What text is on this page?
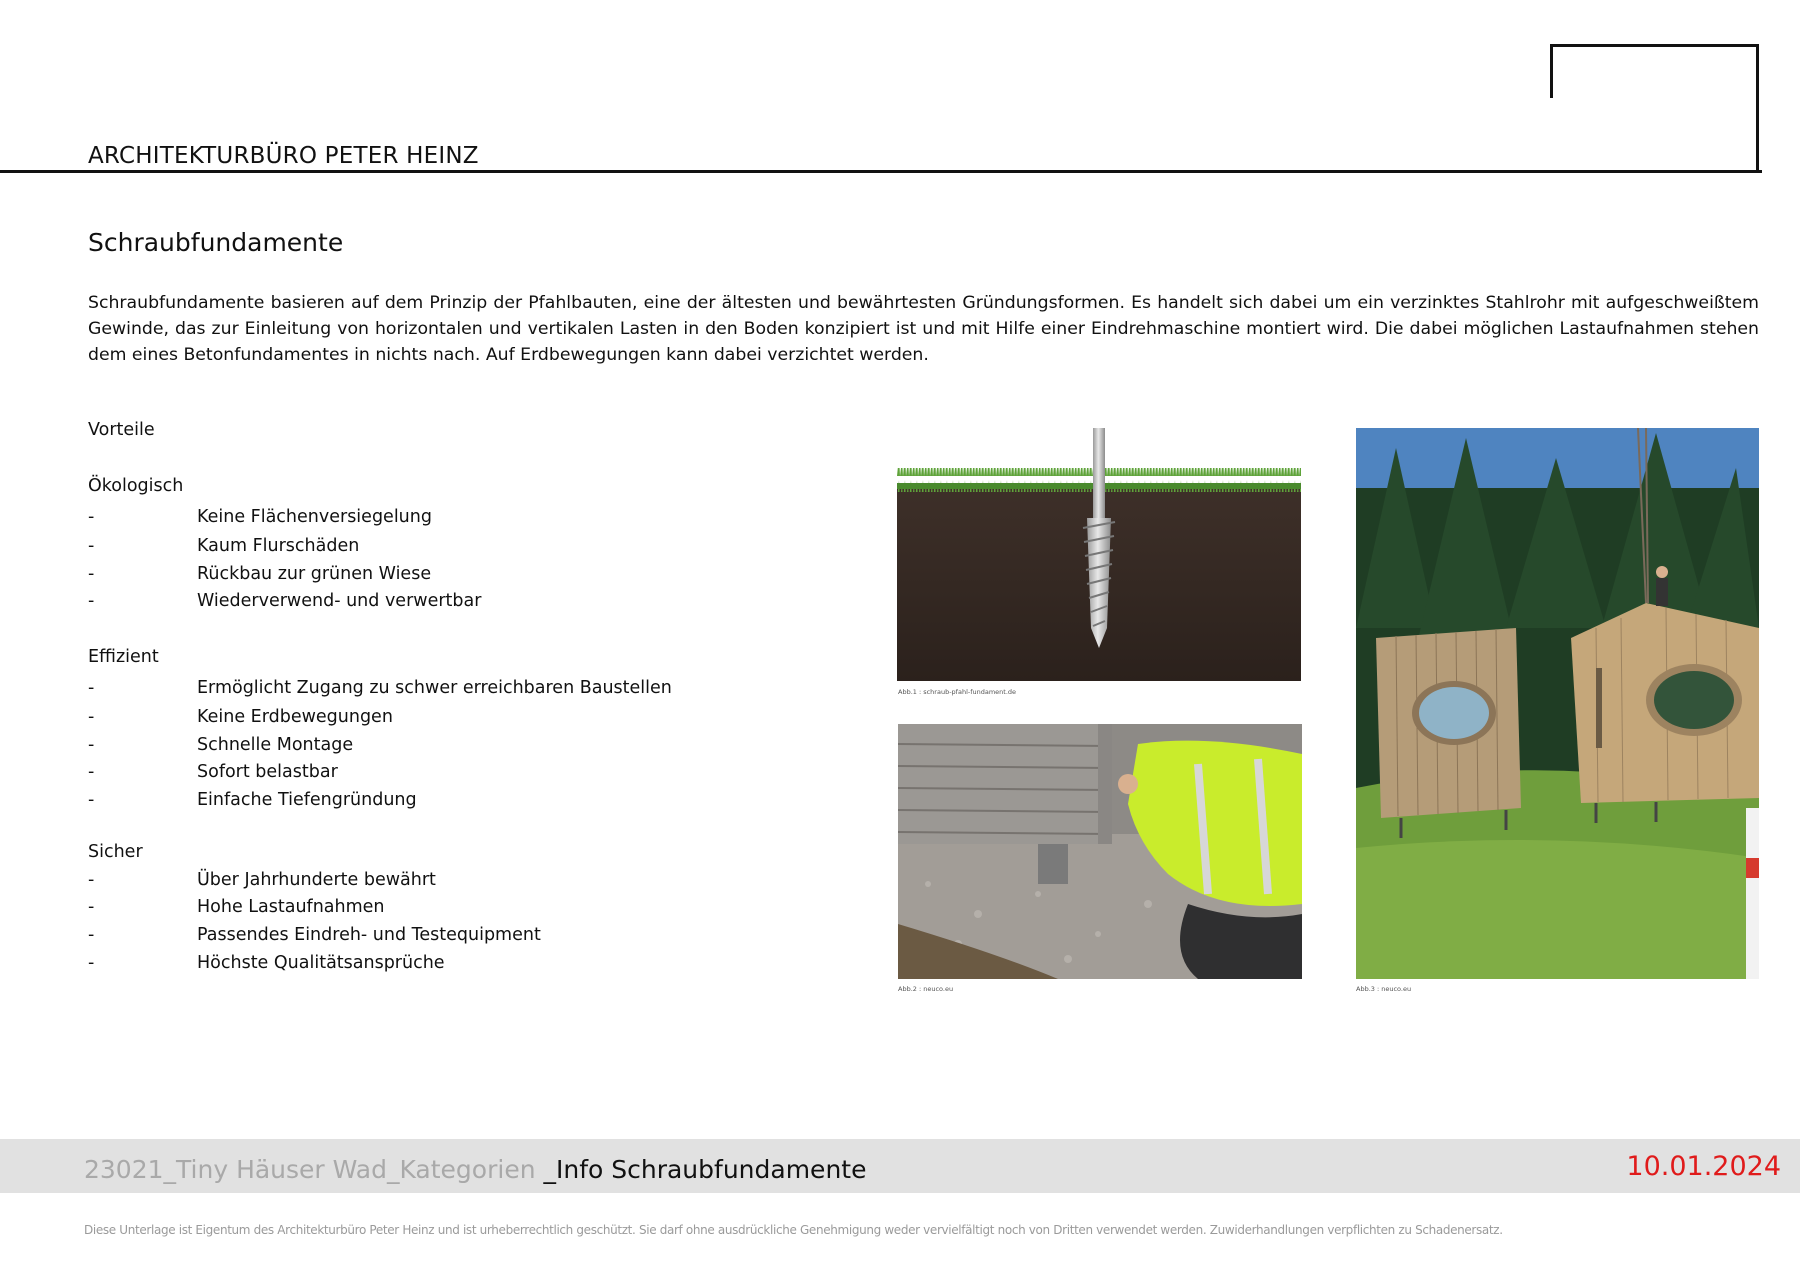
ARCHITEKTURBÜRO PETER HEINZ
Schraubfundamente
Schraubfundamente basieren auf dem Prinzip der Pfahlbauten, eine der ältesten und bewährtesten Gründungsformen. Es handelt sich dabei um ein verzinktes Stahlrohr mit aufgeschweißtem Gewinde, das zur Einleitung von horizontalen und vertikalen Lasten in den Boden konzipiert ist und mit Hilfe einer Eindrehmaschine montiert wird. Die dabei möglichen Lastaufnahmen stehen dem eines Betonfundamentes in nichts nach. Auf Erdbewegungen kann dabei verzichtet werden.
Vorteile
Ökologisch
-	Keine Flächenversiegelung
-	Kaum Flurschäden
-	Rückbau zur grünen Wiese
-	Wiederverwend- und verwertbar
Effizient
-	Ermöglicht Zugang zu schwer erreichbaren Baustellen
-	Keine Erdbewegungen
-	Schnelle Montage
-	Sofort belastbar
-	Einfache Tiefengründung
Sicher
-	Über Jahrhunderte bewährt
-	Hohe Lastaufnahmen
-	Passendes Eindreh- und Testequipment
-	Höchste Qualitätsansprüche
Abb.1 : schraub-pfahl-fundament.de
Abb.2 : neuco.eu	Abb.3 : neuco.eu
23021_Tiny Häuser Wad_Kategorien _Info Schraubfundamente	10.01.2024
Diese Unterlage ist Eigentum des Architekturbüro Peter Heinz und ist urheberrechtlich geschützt. Sie darf ohne ausdrückliche Genehmigung weder vervielfältigt noch von Dritten verwendet werden. Zuwiderhandlungen verpflichten zu Schadenersatz.
